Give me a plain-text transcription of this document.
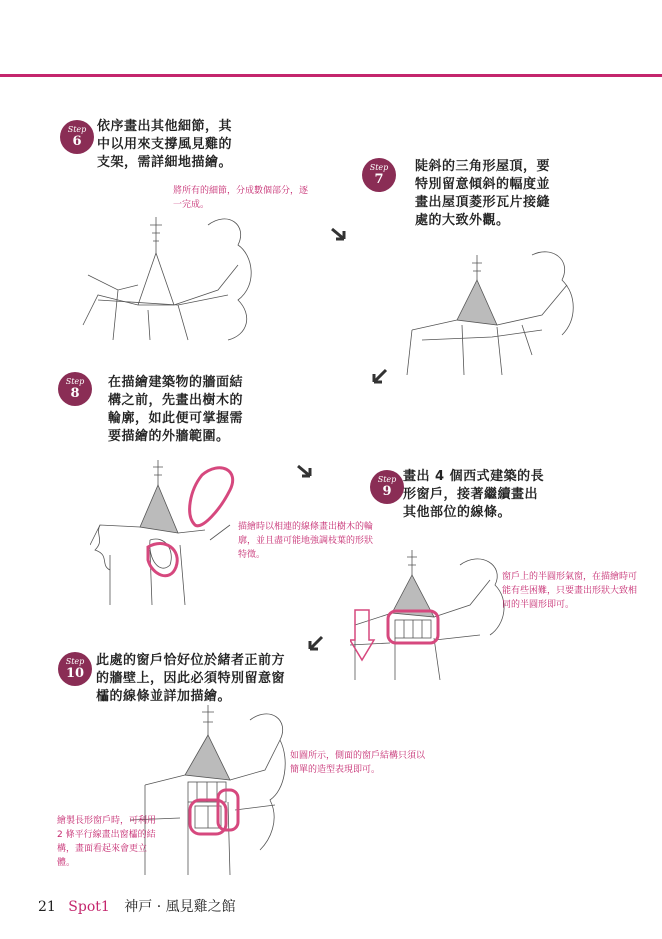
Step
6
依序畫出其他細節，其中以用來支撐風見雞的支架，需詳細地描繪。
將所有的細節，分成數個部分，逐一完成。
Step
7
陡斜的三角形屋頂，要特別留意傾斜的幅度並畫出屋頂菱形瓦片接縫處的大致外觀。
Step
8
在描繪建築物的牆面結構之前，先畫出樹木的輪廓，如此便可掌握需要描繪的外牆範圍。
描繪時以相連的線條畫出樹木的輪廓，並且盡可能地強調枝葉的形狀特徵。
Step
9
畫出 4 個西式建築的長形窗戶，接著繼續畫出其他部位的線條。
窗戶上的半圓形氣窗，在描繪時可能有些困難，只要畫出形狀大致相同的半圓形即可。
Step
10
此處的窗戶恰好位於緒者正前方的牆壁上，因此必須特別留意窗櫺的線條並詳加描繪。
如圖所示，側面的窗戶結構只須以簡單的造型表現即可。
繪製長形窗戶時，可利用 2 條平行線畫出窗櫺的結構，畫面看起來會更立體。
21 Spot1 神戸 · 風見雞之館
